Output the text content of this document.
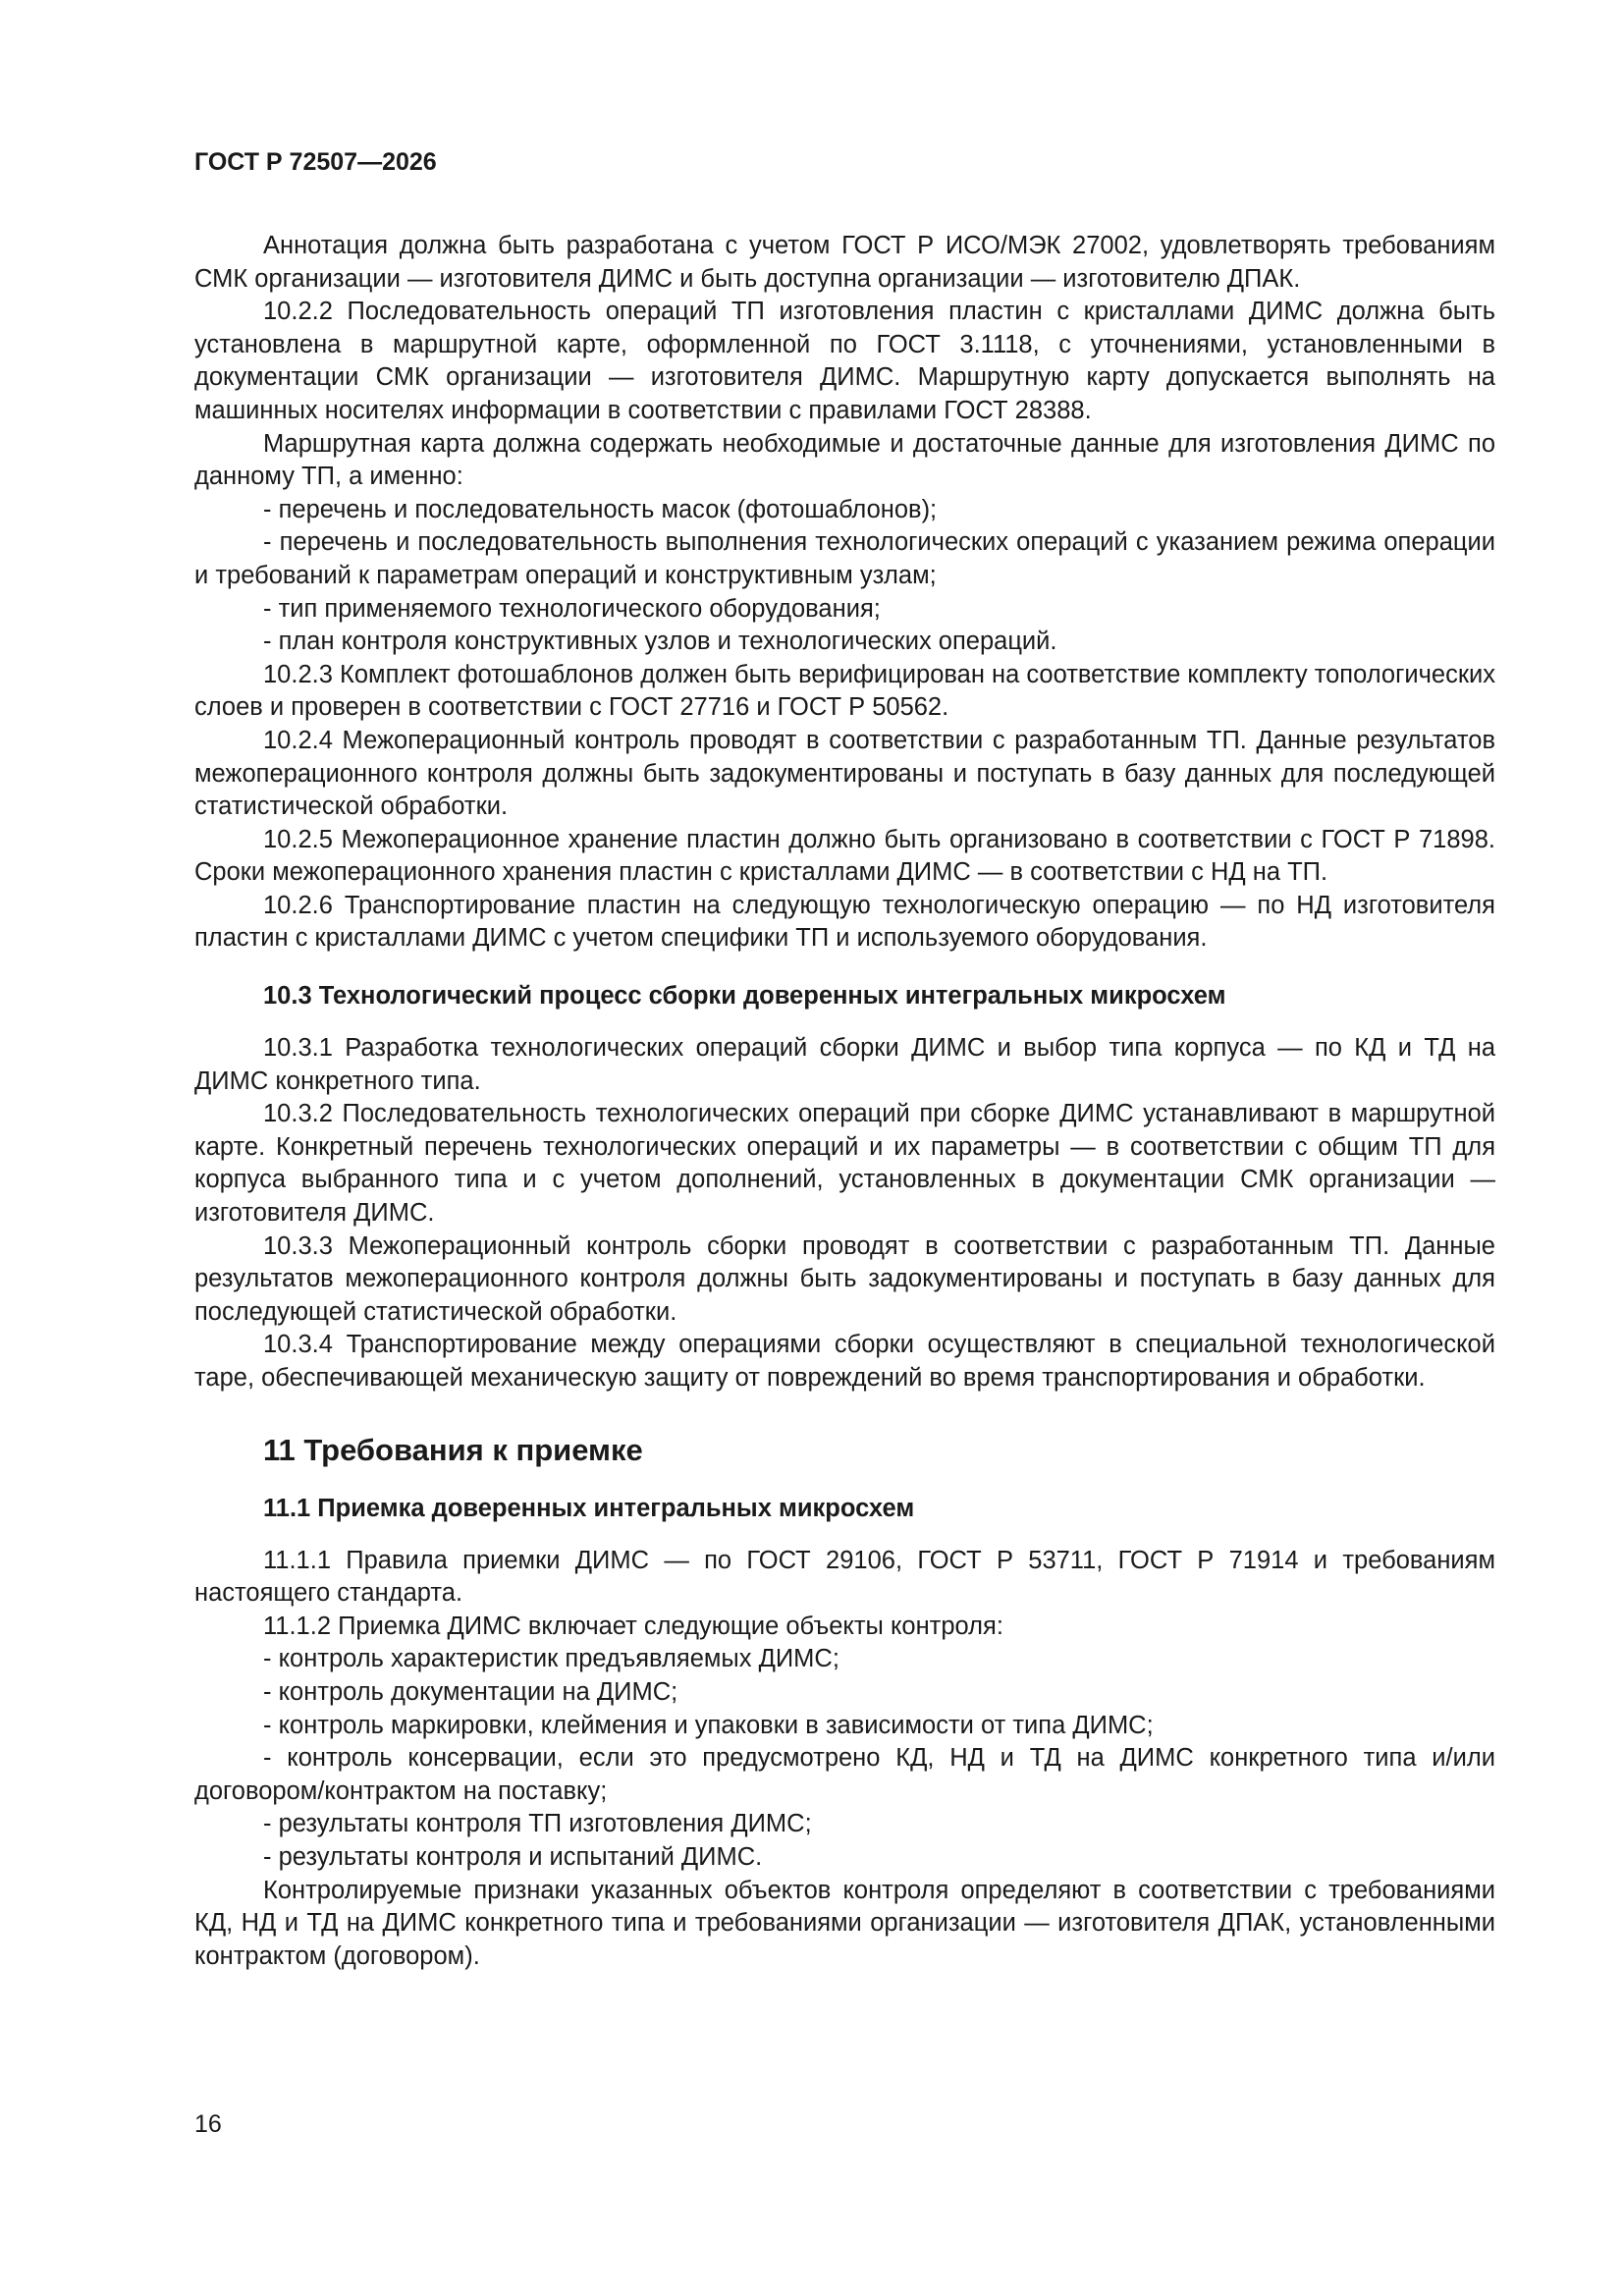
ГОСТ Р 72507—2026

Аннотация должна быть разработана с учетом ГОСТ Р ИСО/МЭК 27002, удовлетворять требованиям СМК организации — изготовителя ДИМС и быть доступна организации — изготовителю ДПАК.

10.2.2 Последовательность операций ТП изготовления пластин с кристаллами ДИМС должна быть установлена в маршрутной карте, оформленной по ГОСТ 3.1118, с уточнениями, установленными в документации СМК организации — изготовителя ДИМС. Маршрутную карту допускается выполнять на машинных носителях информации в соответствии с правилами ГОСТ 28388.

Маршрутная карта должна содержать необходимые и достаточные данные для изготовления ДИМС по данному ТП, а именно:

- перечень и последовательность масок (фотошаблонов);

- перечень и последовательность выполнения технологических операций с указанием режима операции и требований к параметрам операций и конструктивным узлам;

- тип применяемого технологического оборудования;

- план контроля конструктивных узлов и технологических операций.

10.2.3 Комплект фотошаблонов должен быть верифицирован на соответствие комплекту топологических слоев и проверен в соответствии с ГОСТ 27716 и ГОСТ Р 50562.

10.2.4 Межоперационный контроль проводят в соответствии с разработанным ТП. Данные результатов межоперационного контроля должны быть задокументированы и поступать в базу данных для последующей статистической обработки.

10.2.5 Межоперационное хранение пластин должно быть организовано в соответствии с ГОСТ Р 71898. Сроки межоперационного хранения пластин с кристаллами ДИМС — в соответствии с НД на ТП.

10.2.6 Транспортирование пластин на следующую технологическую операцию — по НД изготовителя пластин с кристаллами ДИМС с учетом специфики ТП и используемого оборудования.

10.3 Технологический процесс сборки доверенных интегральных микросхем

10.3.1 Разработка технологических операций сборки ДИМС и выбор типа корпуса — по КД и ТД на ДИМС конкретного типа.

10.3.2 Последовательность технологических операций при сборке ДИМС устанавливают в маршрутной карте. Конкретный перечень технологических операций и их параметры — в соответствии с общим ТП для корпуса выбранного типа и с учетом дополнений, установленных в документации СМК организации — изготовителя ДИМС.

10.3.3 Межоперационный контроль сборки проводят в соответствии с разработанным ТП. Данные результатов межоперационного контроля должны быть задокументированы и поступать в базу данных для последующей статистической обработки.

10.3.4 Транспортирование между операциями сборки осуществляют в специальной технологической таре, обеспечивающей механическую защиту от повреждений во время транспортирования и обработки.

11 Требования к приемке
11.1 Приемка доверенных интегральных микросхем

11.1.1 Правила приемки ДИМС — по ГОСТ 29106, ГОСТ Р 53711, ГОСТ Р 71914 и требованиям настоящего стандарта.

11.1.2 Приемка ДИМС включает следующие объекты контроля:

- контроль характеристик предъявляемых ДИМС;

- контроль документации на ДИМС;

- контроль маркировки, клеймения и упаковки в зависимости от типа ДИМС;

- контроль консервации, если это предусмотрено КД, НД и ТД на ДИМС конкретного типа и/или договором/контрактом на поставку;

- результаты контроля ТП изготовления ДИМС;

- результаты контроля и испытаний ДИМС.

Контролируемые признаки указанных объектов контроля определяют в соответствии с требованиями КД, НД и ТД на ДИМС конкретного типа и требованиями организации — изготовителя ДПАК, установленными контрактом (договором).

16
